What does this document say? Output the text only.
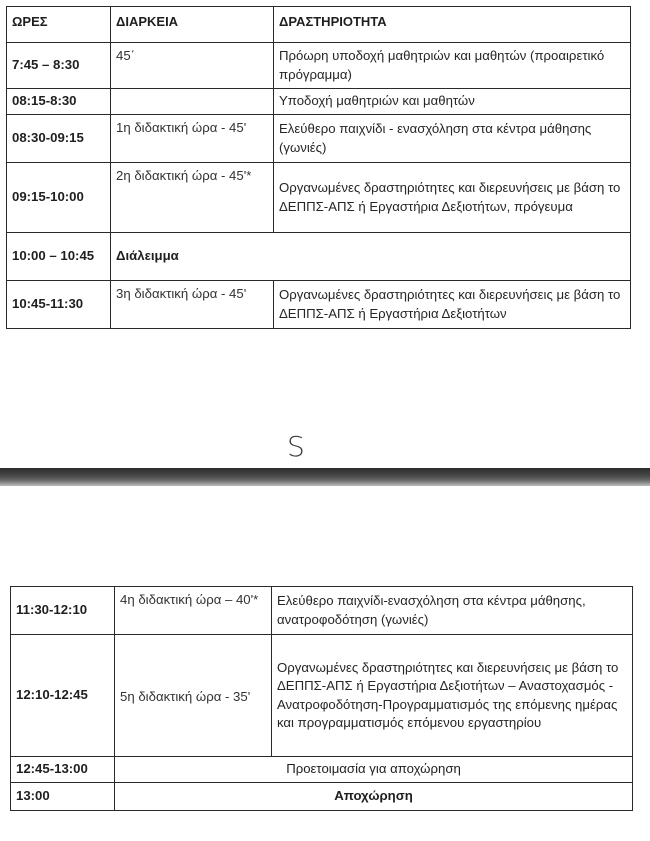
ΩΡΕΣ	ΔΙΑΡΚΕΙΑ	ΔΡΑΣΤΗΡΙΟΤΗΤΑ
7:45 – 8:30	45΄	Πρόωρη υποδοχή μαθητριών και μαθητών (προαιρετικό πρόγραμμα)
08:15-8:30		Υποδοχή μαθητριών και μαθητών
08:30-09:15	1η διδακτική ώρα - 45'	Ελεύθερο παιχνίδι - ενασχόληση στα κέντρα μάθησης (γωνιές)
09:15-10:00	2η διδακτική ώρα - 45'*	Οργανωμένες δραστηριότητες και διερευνήσεις με βάση το ΔΕΠΠΣ-ΑΠΣ ή Εργαστήρια Δεξιοτήτων, πρόγευμα
10:00 – 10:45	Διάλειμμα	
10:45-11:30	3η διδακτική ώρα - 45'	Οργανωμένες δραστηριότητες και διερευνήσεις με βάση το ΔΕΠΠΣ-ΑΠΣ ή Εργαστήρια Δεξιοτήτων
S
11:30-12:10	4η διδακτική ώρα – 40'*	Ελεύθερο παιχνίδι-ενασχόληση στα κέντρα μάθησης, ανατροφοδότηση (γωνιές)
12:10-12:45	5η διδακτική ώρα - 35'	Οργανωμένες δραστηριότητες και διερευνήσεις με βάση το ΔΕΠΠΣ-ΑΠΣ ή Εργαστήρια Δεξιοτήτων – Αναστοχασμός - Ανατροφοδότηση-Προγραμματισμός της επόμενης ημέρας και προγραμματισμός επόμενου εργαστηρίου
12:45-13:00	Προετοιμασία για αποχώρηση	
13:00	Αποχώρηση	
